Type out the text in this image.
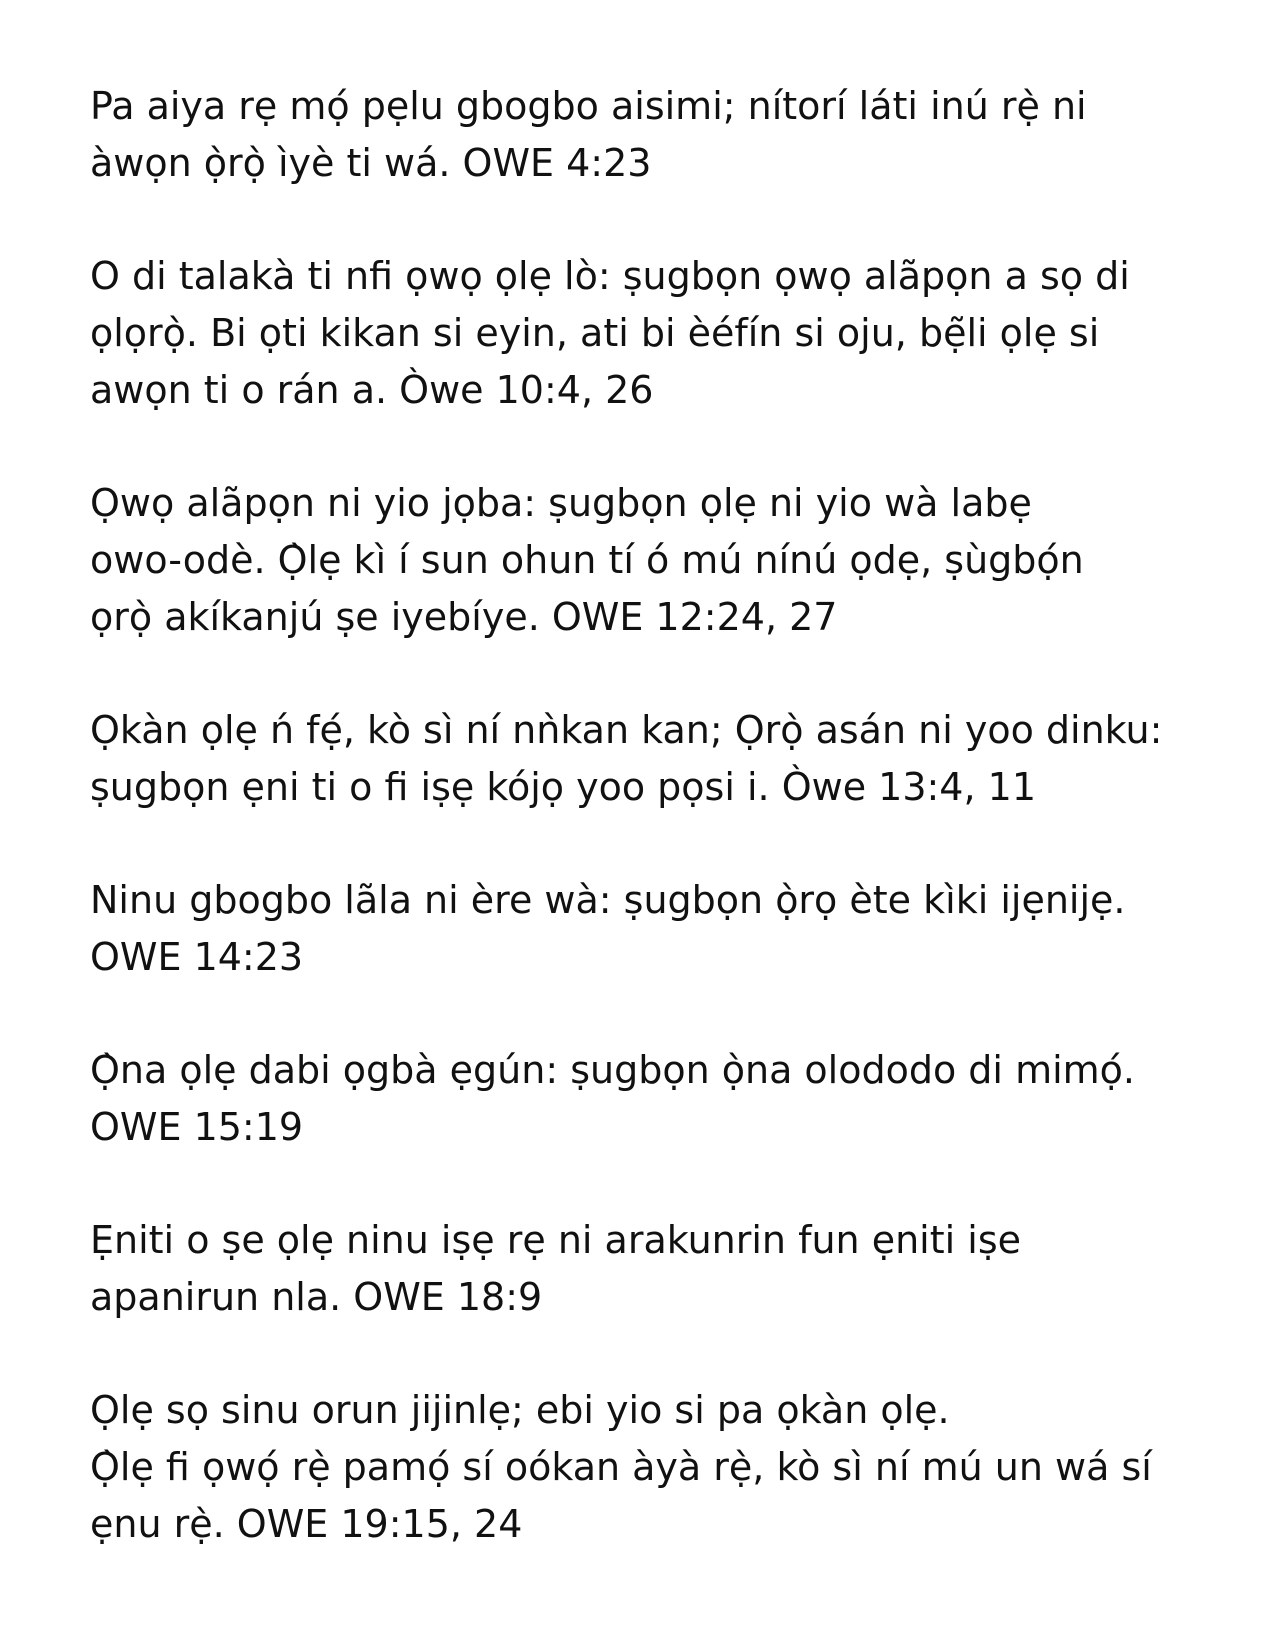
Pa aiya rẹ mọ́ pẹlu gbogbo aisimi; nítorí láti inú rẹ̀ ni
àwọn ọ̀rọ̀ ìyè ti wá. OWE 4:23

O di talakà ti nfi ọwọ ọlẹ lò: ṣugbọn ọwọ alãpọn a sọ di
ọlọrọ̀. Bi ọti kikan si eyin, ati bi èéfín si oju, bẹ̃li ọlẹ si
awọn ti o rán a. Òwe 10:4, 26

Ọwọ alãpọn ni yio jọba: ṣugbọn ọlẹ ni yio wà labẹ
owo-odè. Ọ̀lẹ kì í sun ohun tí ó mú nínú ọdẹ, ṣùgbọ́n
ọrọ̀ akíkanjú ṣe iyebíye. OWE 12:24, 27

Ọkàn ọlẹ ń fẹ́, kò sì ní nǹkan kan; Ọrọ̀ asán ni yoo dinku:
ṣugbọn ẹni ti o fi iṣẹ kójọ yoo pọsi i. Òwe 13:4, 11

Ninu gbogbo lãla ni ère wà: ṣugbọn ọ̀rọ ète kìki ijẹnijẹ.
OWE 14:23

Ọ̀na ọlẹ dabi ọgbà ẹgún: ṣugbọn ọ̀na olododo di mimọ́.
OWE 15:19

Ẹniti o ṣe ọlẹ ninu iṣẹ rẹ ni arakunrin fun ẹniti iṣe
apanirun nla. OWE 18:9

Ọlẹ sọ sinu orun jijinlẹ; ebi yio si pa ọkàn ọlẹ.
Ọ̀lẹ fi ọwọ́ rẹ̀ pamọ́ sí oókan àyà rẹ̀, kò sì ní mú un wá sí
ẹnu rẹ̀. OWE 19:15, 24
